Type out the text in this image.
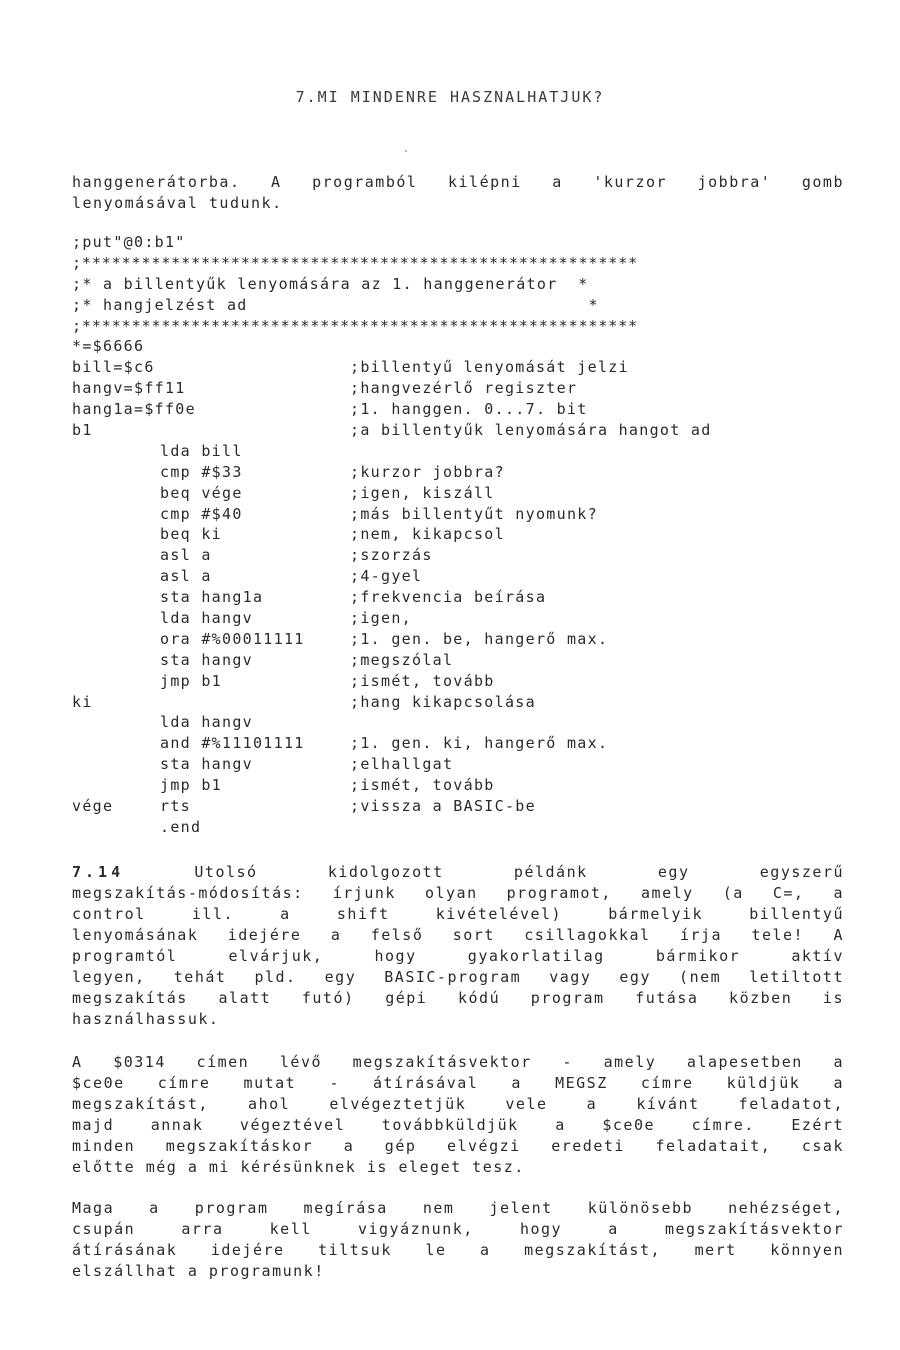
7.MI MINDENRE HASZNALHATJUK?
hanggenerátorba. A programból kilépni a 'kurzor jobbra' gomb
lenyomásával tudunk.
;put"@0:b1"
;********************************************************
;* a billentyűk lenyomására az 1. hanggenerátor  *
;* hangjelzést ad                                 *
;********************************************************
*=$6666
bill=$c6	;billentyű lenyomását jelzi
hangv=$ff11	;hangvezérlő regiszter
hang1a=$ff0e	;1. hanggen. 0...7. bit
b1	;a billentyűk lenyomására hangot ad
lda bill
cmp #$33	;kurzor jobbra?
beq vége	;igen, kiszáll
cmp #$40	;más billentyűt nyomunk?
beq ki	;nem, kikapcsol
asl a	;szorzás
asl a	;4-gyel
sta hang1a	;frekvencia beírása
lda hangv	;igen,
ora #%00011111	;1. gen. be, hangerő max.
sta hangv	;megszólal
jmp b1	;ismét, tovább
ki	;hang kikapcsolása
lda hangv
and #%11101111	;1. gen. ki, hangerő max.
sta hangv	;elhallgat
jmp b1	;ismét, tovább
vége	rts	;vissza a BASIC-be
.end
7.14	Utolsó kidolgozott példánk egy egyszerű
megszakítás-módosítás: írjunk olyan programot, amely (a C=, a
control ill. a shift kivételével) bármelyik billentyű
lenyomásának idejére a felső sort csillagokkal írja tele! A
programtól elvárjuk, hogy gyakorlatilag bármikor aktív
legyen, tehát pld. egy BASIC-program vagy egy (nem letiltott
megszakítás alatt futó) gépi kódú program futása közben is
használhassuk.
A $0314 címen lévő megszakításvektor - amely alapesetben a
$ce0e címre mutat - átírásával a MEGSZ címre küldjük a
megszakítást, ahol elvégeztetjük vele a kívánt feladatot,
majd annak végeztével továbbküldjük a $ce0e címre. Ezért
minden megszakításkor a gép elvégzi eredeti feladatait, csak
előtte még a mi kérésünknek is eleget tesz.
Maga a program megírása nem jelent különösebb nehézséget,
csupán arra kell vigyáznunk, hogy a megszakításvektor
átírásának idejére tiltsuk le a megszakítást, mert könnyen
elszállhat a programunk!
